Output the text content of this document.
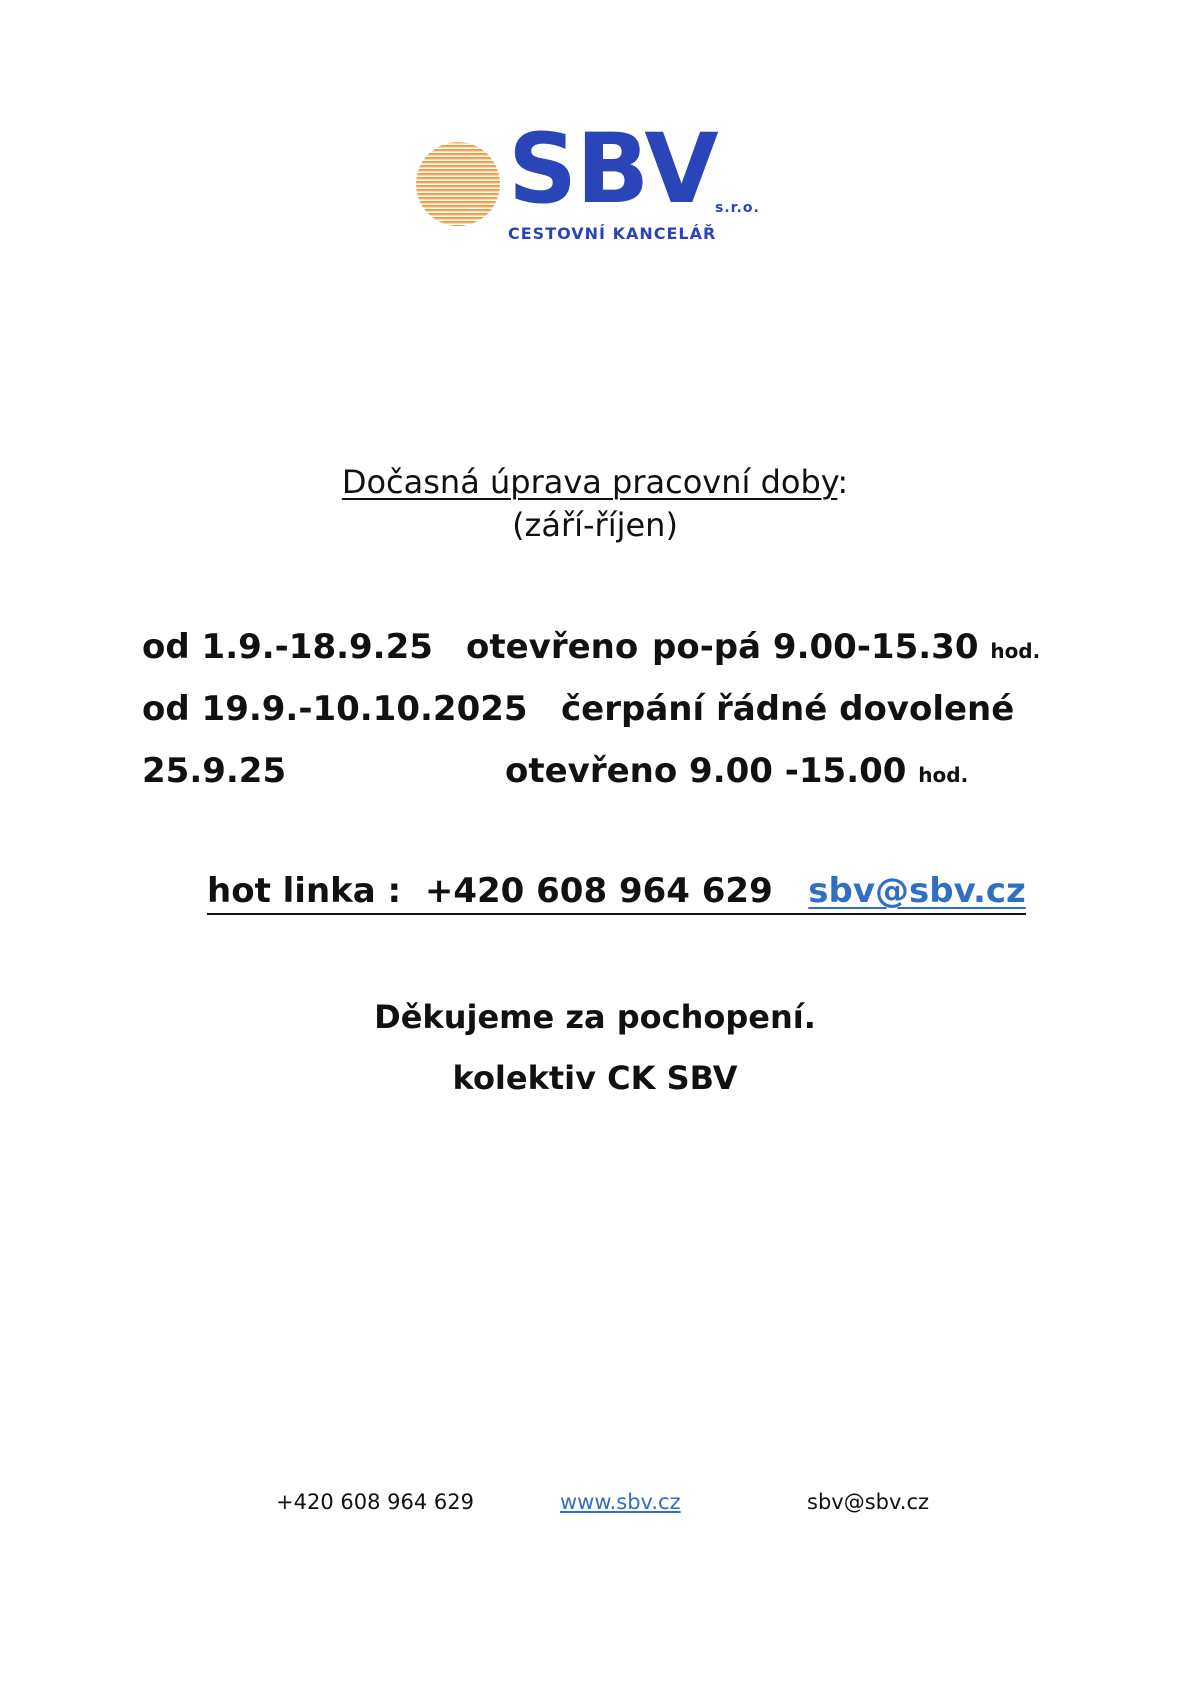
SBV
s.r.o.
CESTOVNÍ KANCELÁŘ
Dočasná úprava pracovní doby:
(září-říjen)
od 1.9.-18.9.25 otevřeno po-pá 9.00-15.30 hod.
od 19.9.-10.10.2025 čerpání řádné dovolené
25.9.25	otevřeno 9.00 -15.00 hod.
hot linka : +420 608 964 629 sbv@sbv.cz
Děkujeme za pochopení.
kolektiv CK SBV
+420 608 964 629	www.sbv.cz	sbv@sbv.cz
